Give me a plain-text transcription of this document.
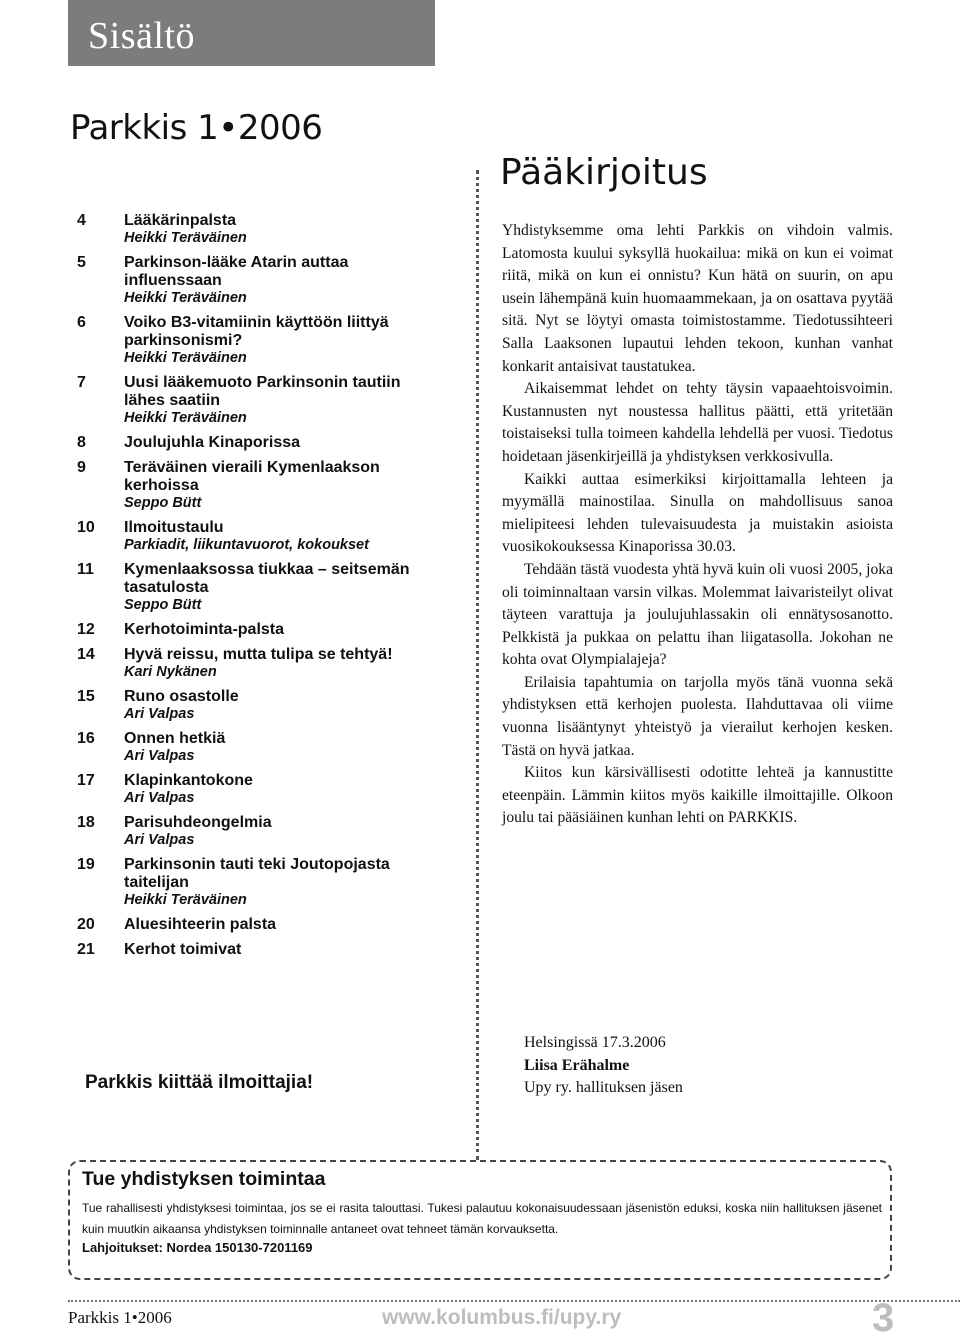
Sisältö
Parkkis 1•2006
4	Lääkärinpalsta
Heikki Teräväinen
5	Parkinson-lääke Atarin auttaa influenssaan
Heikki Teräväinen
6	Voiko B3-vitamiinin käyttöön liittyä parkinsonismi?
Heikki Teräväinen
7	Uusi lääkemuoto Parkinsonin tautiin lähes saatiin
Heikki Teräväinen
8	Joulujuhla Kinaporissa
9	Teräväinen vieraili Kymenlaakson kerhoissa
Seppo Bütt
10	Ilmoitustaulu
Parkiadit, liikuntavuorot, kokoukset
11	Kymenlaaksossa tiukkaa – seitsemän tasatulosta
Seppo Bütt
12	Kerhotoiminta-palsta
14	Hyvä reissu, mutta tulipa se tehtyä!
Kari Nykänen
15	Runo osastolle
Ari Valpas
16	Onnen hetkiä
Ari Valpas
17	Klapinkantokone
Ari Valpas
18	Parisuhdeongelmia
Ari Valpas
19	Parkinsonin tauti teki Joutopojasta taitelijan
Heikki Teräväinen
20	Aluesihteerin palsta
21	Kerhot toimivat
Parkkis kiittää ilmoittajia!
Pääkirjoitus

Yhdistyksemme oma lehti Parkkis on vihdoin valmis. Latomosta kuului syksyllä huokailua: mikä on kun ei voimat riitä, mikä on kun ei onnistu? Kun hätä on suurin, on apu usein lähempänä kuin huomaammekaan, ja on osattava pyytää sitä. Nyt se löytyi omasta toimistostamme. Tiedotussihteeri Salla Laaksonen lupautui lehden tekoon, kunhan vanhat konkarit antaisivat taustatukea.

Aikaisemmat lehdet on tehty täysin vapaaehtoisvoimin. Kustannusten nyt noustessa hallitus päätti, että yritetään toistaiseksi tulla toimeen kahdella lehdellä per vuosi. Tiedotus hoidetaan jäsenkirjeillä ja yhdistyksen verkkosivulla.

Kaikki auttaa esimerkiksi kirjoittamalla lehteen ja myymällä mainostilaa. Sinulla on mahdollisuus sanoa mielipiteesi lehden tulevaisuudesta ja muistakin asioista vuosikokouksessa Kinaporissa 30.03.

Tehdään tästä vuodesta yhtä hyvä kuin oli vuosi 2005, joka oli toiminnaltaan varsin vilkas. Molemmat laivaristeilyt olivat täyteen varattuja ja joulujuhlassakin oli ennätysosanotto. Pelkkistä ja pukkaa on pelattu ihan liigatasolla. Jokohan ne kohta ovat Olympialajeja?

Erilaisia tapahtumia on tarjolla myös tänä vuonna sekä yhdistyksen että kerhojen puolesta. Ilahduttavaa oli viime vuonna lisääntynyt yhteistyö ja vierailut kerhojen kesken. Tästä on hyvä jatkaa.

Kiitos kun kärsivällisesti odotitte lehteä ja kannustitte eteenpäin. Lämmin kiitos myös kaikille ilmoittajille. Olkoon joulu tai pääsiäinen kunhan lehti on PARKKIS.

Helsingissä 17.3.2006
Liisa Erähalme
Upy ry. hallituksen jäsen
Tue yhdistyksen toimintaa
Tue rahallisesti yhdistyksesi toimintaa, jos se ei rasita talouttasi. Tukesi palautuu kokonaisuudessaan jäsenistön eduksi, koska niin hallituksen jäsenet kuin muutkin aikaansa yhdistyksen toiminnalle antaneet ovat tehneet tämän korvauksetta.
Lahjoitukset: Nordea 150130-7201169
Parkkis 1•2006	www.kolumbus.fi/upy.ry	3
